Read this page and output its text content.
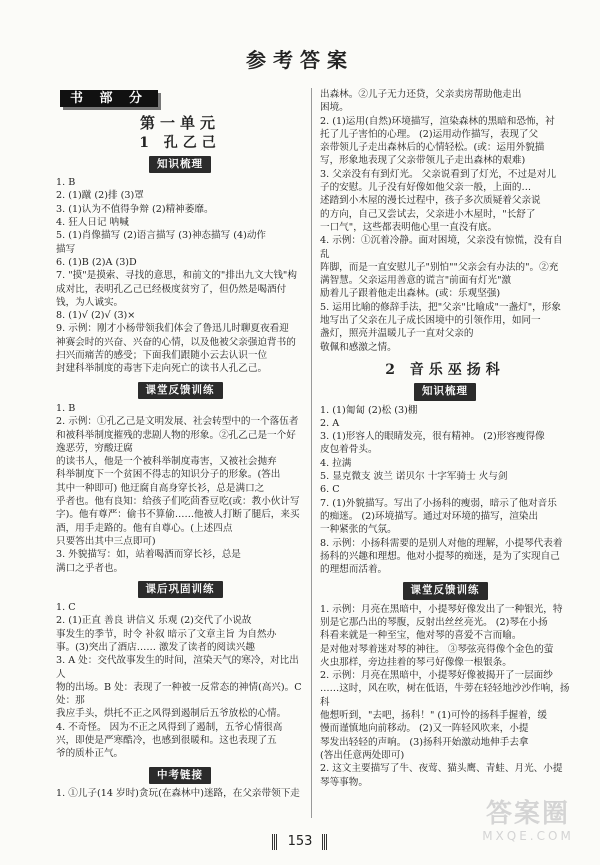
参考答案
书 部 分
第一单元
1 孔乙己
知识梳理
1. B
2. (1)蹴 (2)排 (3)罩
3. (1)认为不值得争辩 (2)精神萎靡。
4. 狂人日记 呐喊
5. (1)肖像描写 (2)语言描写 (3)神态描写 (4)动作
描写
6. (1)B (2)A (3)D
7. "摸"是摸索、寻找的意思，和前文的"排出九文大钱"构
成对比，表明孔乙己已经极度贫穷了，但仍然是喝酒付
钱，为人诚实。
8. (1)√ (2)√ (3)×
9. 示例：刚才小杨带领我们体会了鲁迅儿时聊夏夜看迎
神赛会时的兴奋、兴奋的心情，以及他被父亲强迫背书的
扫兴而痛苦的感受；下面我们跟随小云去认识一位
封建科举制度的毒害下走向死亡的读书人孔乙己。
课堂反馈训练
1. B
2. 示例：①孔乙己是文明发展、社会转型中的一个落伍者
和被科举制度摧残的悲剧人物的形象。②孔乙己是一个好逸恶劳，穷酸迂腐
的读书人，他是一个被科举制度毒害，又被社会抛弃
科举制度下一个贫困不得志的知识分子的形象。(答出
其中一种即可) 他迂腐自高身穿长衫，总是满口之
乎者也。他有良知：给孩子们吃茴香豆吃(或：教小伙计写
字)。他有尊严：偷书不算偷……他被人打断了腿后，来买
酒，用手走路的。他有自尊心。(上述四点
只要答出其中三点即可)
3. 外貌描写：如，站着喝酒而穿长衫，总是
满口之乎者也。
课后巩固训练
1. C
2. (1)正直 善良 讲信义 乐观 (2)交代了小说故
事发生的季节，时令 补叙 暗示了文章主旨 为自然办
事。(3)突出了酒店…… 激发了读者的阅读兴趣
3. A 处：交代故事发生的时间，渲染天气的寒冷，对比出人
物的出场。B 处：表现了一种被一反常态的神情(高兴)。C 处：那
我应手头，烘托不正之风得到遏制后五爷放松的心情。
4. 不奇怪。 因为不正之风得到了遏制，五爷心情很高
兴，即使是严寒酷冷，也感到很暖和。这也表现了五
爷的质朴正气。
中考链接
1. ①儿子(14 岁时)贪玩(在森林中)迷路，在父亲带领下走
出森林。②儿子无力还贷，父亲卖房帮助他走出
困境。
2. (1)运用(自然)环境描写，渲染森林的黑暗和恐怖，衬
托了儿子害怕的心理。 (2)运用动作描写，表现了父
亲带领儿子走出森林后的心情轻松。(或：运用外貌描
写，形象地表现了父亲带领儿子走出森林的艰难)
3. 父亲没有有到灯光。 父亲说看到了灯光，不过是对儿
子的安慰。儿子没有好像如他父亲一般，上面的…
述踏到小木屋的漫长过程中，孩子多次质疑着父亲说
的方向，自己又尝试去，父亲进小木屋时，"长舒了
一口气"，这些都表明他心里一直没有底。
4. 示例：①沉着冷静。面对困境，父亲没有惊慌，没有自乱
阵脚，而是一直安慰儿子"别怕""父亲会有办法的"。②充
满智慧。父亲运用善意的谎言"前面有灯光"激
励着儿子跟着他走出森林。(或：乐观坚强)
5. 运用比喻的修辞手法，把"父亲"比喻成"一盏灯"，形象
地写出了父亲在儿子成长困境中的引领作用，如同一
盏灯，照亮并温暖儿子一直对父亲的
敬佩和感激之情。
2 音乐巫扬科
知识梳理
1. (1)匍匐 (2)松 (3)棚
2. A
3. (1)形容人的眼睛发亮，很有精神。 (2)形容瘦得像
皮包着骨头。
4. 拉满
5. 显克微支 波兰 诺贝尔 十字军骑士 火与剑
6. C
7. (1)外貌描写。写出了小扬科的瘦弱，暗示了他对音乐
的痴迷。 (2)环境描写。通过对环境的描写，渲染出
一种紧张的气氛。
8. 示例：小扬科需要的是别人对他的理解，小提琴代表着
扬科的兴趣和理想。他对小提琴的痴迷，是为了实现自己
的理想而活着。
课堂反馈训练
1. 示例：月亮在黑暗中，小提琴好像发出了一种银光，特
别是它那凸出的琴腹，反射出丝丝亮光。 (2)琴在小扬
科看来就是一种至宝，他对琴的喜爱不言而喻。
是对他对琴着迷对琴的神往。 ③琴弦亮得像个金色的萤
火虫那样，旁边挂着的琴弓好像像一根银条。
2. 示例：月亮在黑暗中，小提琴好像被揭开了一层面纱
……这时，风在吹，树在低语，牛蒡在轻轻地沙沙作响，扬科
他想听到，"去吧，扬科！" (1)可怜的扬科手握着，缓
慢而谨慎地向前移动。 (2)又一阵轻风吹来，小提
琴发出轻轻的声响。 (3)扬科开始激动地伸手去拿
(答出任意两处即可)
2. 这文主要描写了牛、夜莺、猫头鹰、青蛙、月光、小提
琴等事物。
153
答案圈
MXQE.COM
